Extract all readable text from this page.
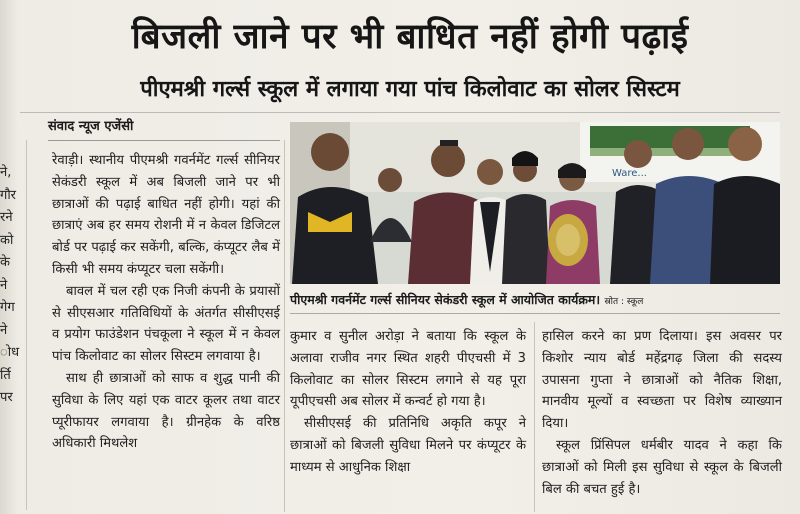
बिजली जाने पर भी बाधित नहीं होगी पढ़ाई
पीएमश्री गर्ल्स स्कूल में लगाया गया पांच किलोवाट का सोलर सिस्टम
संवाद न्यूज एजेंसी
ने,
गौर
रने
को
के
ने
गेग
ने
ोध
र्ति
पर

रेवाड़ी। स्थानीय पीएमश्री गवर्नमेंट गर्ल्स सीनियर सेकंडरी स्कूल में अब बिजली जाने पर भी छात्राओं की पढ़ाई बाधित नहीं होगी। यहां की छात्राएं अब हर समय रोशनी में न केवल डिजिटल बोर्ड पर पढ़ाई कर सकेंगी, बल्कि, कंप्यूटर लैब में किसी भी समय कंप्यूटर चला सकेंगी।

बावल में चल रही एक निजी कंपनी के प्रयासों से सीएसआर गतिविधियों के अंतर्गत सीसीएसई व प्रयोग फाउंडेशन पंचकूला ने स्कूल में न केवल पांच किलोवाट का सोलर सिस्टम लगवाया है।

साथ ही छात्राओं को साफ व शुद्ध पानी की सुविधा के लिए यहां एक वाटर कूलर तथा वाटर प्यूरीफायर लगवाया है। ग्रीनहेक के वरिष्ठ अधिकारी मिथलेश

Ware...
पीएमश्री गवर्नमेंट गर्ल्स सीनियर सेकंडरी स्कूल में आयोजित कार्यक्रम। स्रोत : स्कूल

कुमार व सुनील अरोड़ा ने बताया कि स्कूल के अलावा राजीव नगर स्थित शहरी पीएचसी में 3 किलोवाट का सोलर सिस्टम लगाने से यह पूरा यूपीएचसी अब सोलर में कन्वर्ट हो गया है।

सीसीएसई की प्रतिनिधि अकृति कपूर ने छात्राओं को बिजली सुविधा मिलने पर कंप्यूटर के माध्यम से आधुनिक शिक्षा

हासिल करने का प्रण दिलाया। इस अवसर पर किशोर न्याय बोर्ड महेंद्रगढ़ जिला की सदस्य उपासना गुप्ता ने छात्राओं को नैतिक शिक्षा, मानवीय मूल्यों व स्वच्छता पर विशेष व्याख्यान दिया।

स्कूल प्रिंसिपल धर्मबीर यादव ने कहा कि छात्राओं को मिली इस सुविधा से स्कूल के बिजली बिल की बचत हुई है।
